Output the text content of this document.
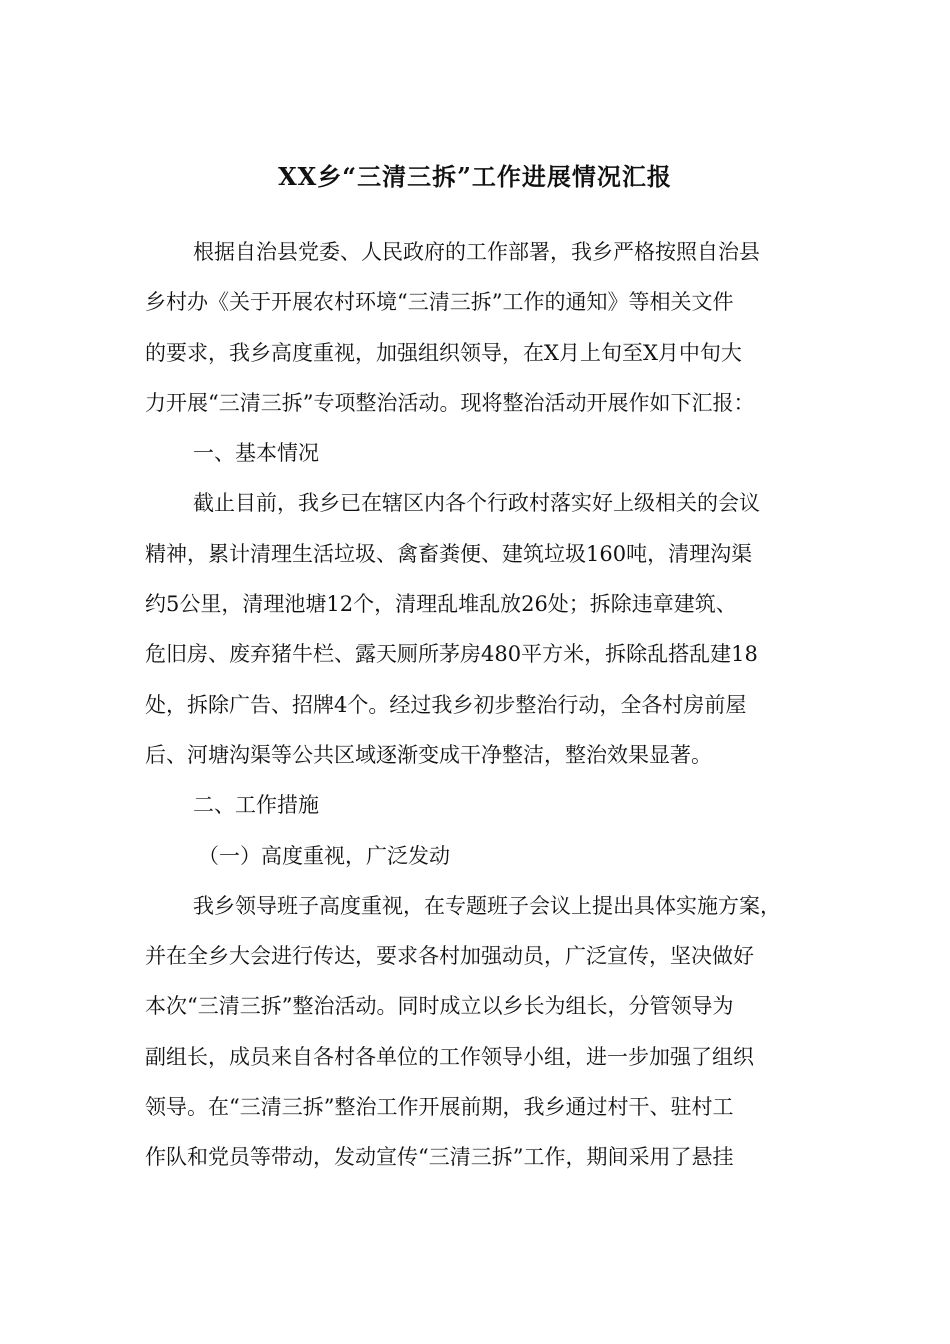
XX乡“三清三拆”工作进展情况汇报
根据自治县党委、人民政府的工作部署，我乡严格按照自治县
乡村办《关于开展农村环境“三清三拆”工作的通知》等相关文件
的要求，我乡高度重视，加强组织领导，在X月上旬至X月中旬大
力开展“三清三拆”专项整治活动。现将整治活动开展作如下汇报：
一、基本情况
截止目前，我乡已在辖区内各个行政村落实好上级相关的会议
精神，累计清理生活垃圾、禽畜粪便、建筑垃圾160吨，清理沟渠
约5公里，清理池塘12个，清理乱堆乱放26处；拆除违章建筑、
危旧房、废弃猪牛栏、露天厕所茅房480平方米，拆除乱搭乱建18
处，拆除广告、招牌4个。经过我乡初步整治行动，全各村房前屋
后、河塘沟渠等公共区域逐渐变成干净整洁，整治效果显著。
二、工作措施
（一）高度重视，广泛发动
我乡领导班子高度重视，在专题班子会议上提出具体实施方案，
并在全乡大会进行传达，要求各村加强动员，广泛宣传，坚决做好
本次“三清三拆”整治活动。同时成立以乡长为组长，分管领导为
副组长，成员来自各村各单位的工作领导小组，进一步加强了组织
领导。在“三清三拆”整治工作开展前期，我乡通过村干、驻村工
作队和党员等带动，发动宣传“三清三拆”工作，期间采用了悬挂
